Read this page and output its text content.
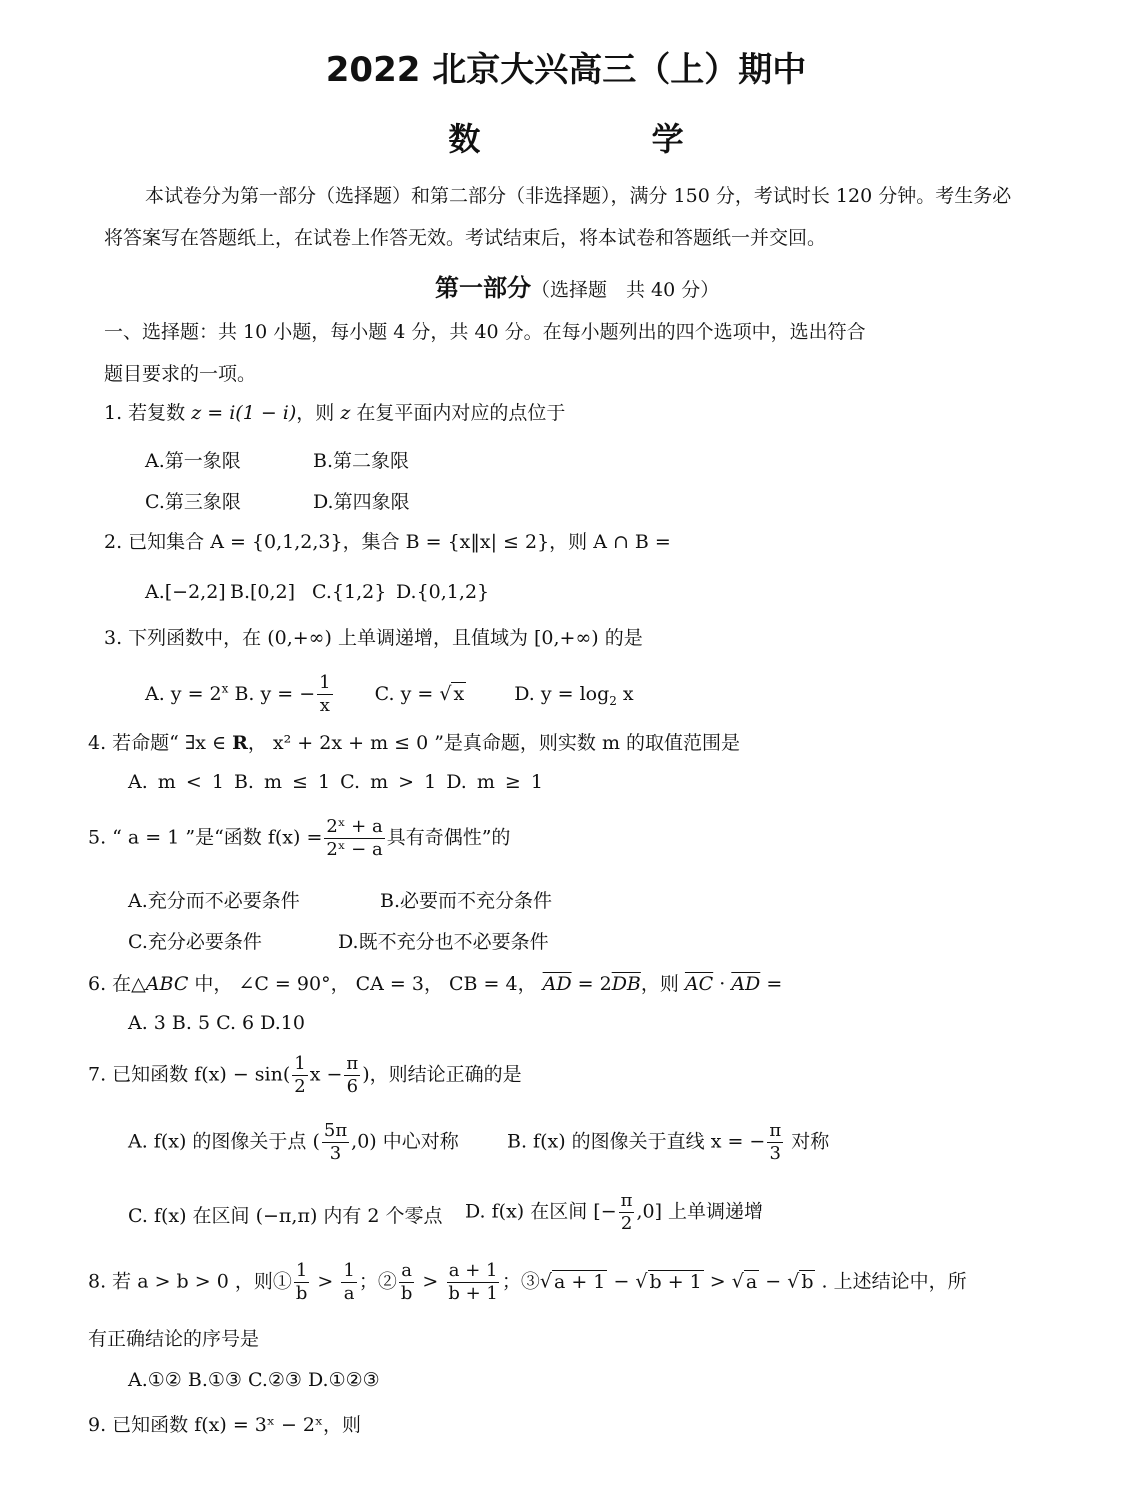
2022 北京大兴高三（上）期中
数 学
本试卷分为第一部分（选择题）和第二部分（非选择题），满分 150 分，考试时长 120 分钟。考生务必
将答案写在答题纸上，在试卷上作答无效。考试结束后，将本试卷和答题纸一并交回。
第一部分（选择题　共 40 分）
一、选择题：共 10 小题，每小题 4 分，共 40 分。在每小题列出的四个选项中，选出符合
题目要求的一项。
1. 若复数 z = i(1 − i)，则 z 在复平面内对应的点位于
A.第一象限	B.第二象限
C.第三象限	D.第四象限
2. 已知集合 A = {0,1,2,3}，集合 B = {x‖x| ≤ 2}，则 A ∩ B =
A.[−2,2] B.[0,2] C.{1,2} D.{0,1,2}
3. 下列函数中，在 (0,+∞) 上单调递增，且值域为 [0,+∞) 的是
A. $y = 2^x$ B. y = − $\frac{1}{x} C$. y = √ x	D. $y = \log_2 x$
4. 若命题“ ∃x ∈ R， x² + 2x + m ≤ 0 ”是真命题，则实数 m 的取值范围是
A. m < 1 B. m ≤ 1 C. m > 1 D. m ≥ 1
5. “ a = 1 ”是“函数 $f(x) = \frac{\text{2ˣ + a}}{\text{2ˣ − a}}$ 具有奇偶性”的
A.充分而不必要条件	B.必要而不充分条件
C.充分必要条件	D.既不充分也不必要条件
6. 在△ABC 中， ∠C = 90°， CA = 3， CB = 4， $\overline{AD} = 2\overline{DB}$，则 $\overline{AC} \cdot \overline{AD}$ =
A. 3 B. 5 C. 6 D.10
7. 已知函数 $f(x) - \sin( \frac{1}{2}$ $x - \frac{\pi}{6}$ )，则结论正确的是
A. f(x) 的图像关于点 ( $\frac{5\pi}{3} ,0$) 中心对称	B. f(x) 的图像关于直线 x = − $\frac{\pi}{3}$ 对称
C. f(x) 在区间 (−π,π) 内有 2 个零点 D. f(x) 在区间 [− $\frac{\pi}{2} ,0$] 上单调递增
8. 若 a > b > 0 ，则① $\frac{1}{b} > \frac{1}{a}$ ；② $\frac{a}{b} > \frac{a + 1}{b + 1}$ ；③√ a + 1 − √ b + 1 > √ a − √ b . 上述结论中，所
有正确结论的序号是
A.①② B.①③ C.②③ D.①②③
9. 已知函数 f(x) = 3ˣ − 2ˣ，则
